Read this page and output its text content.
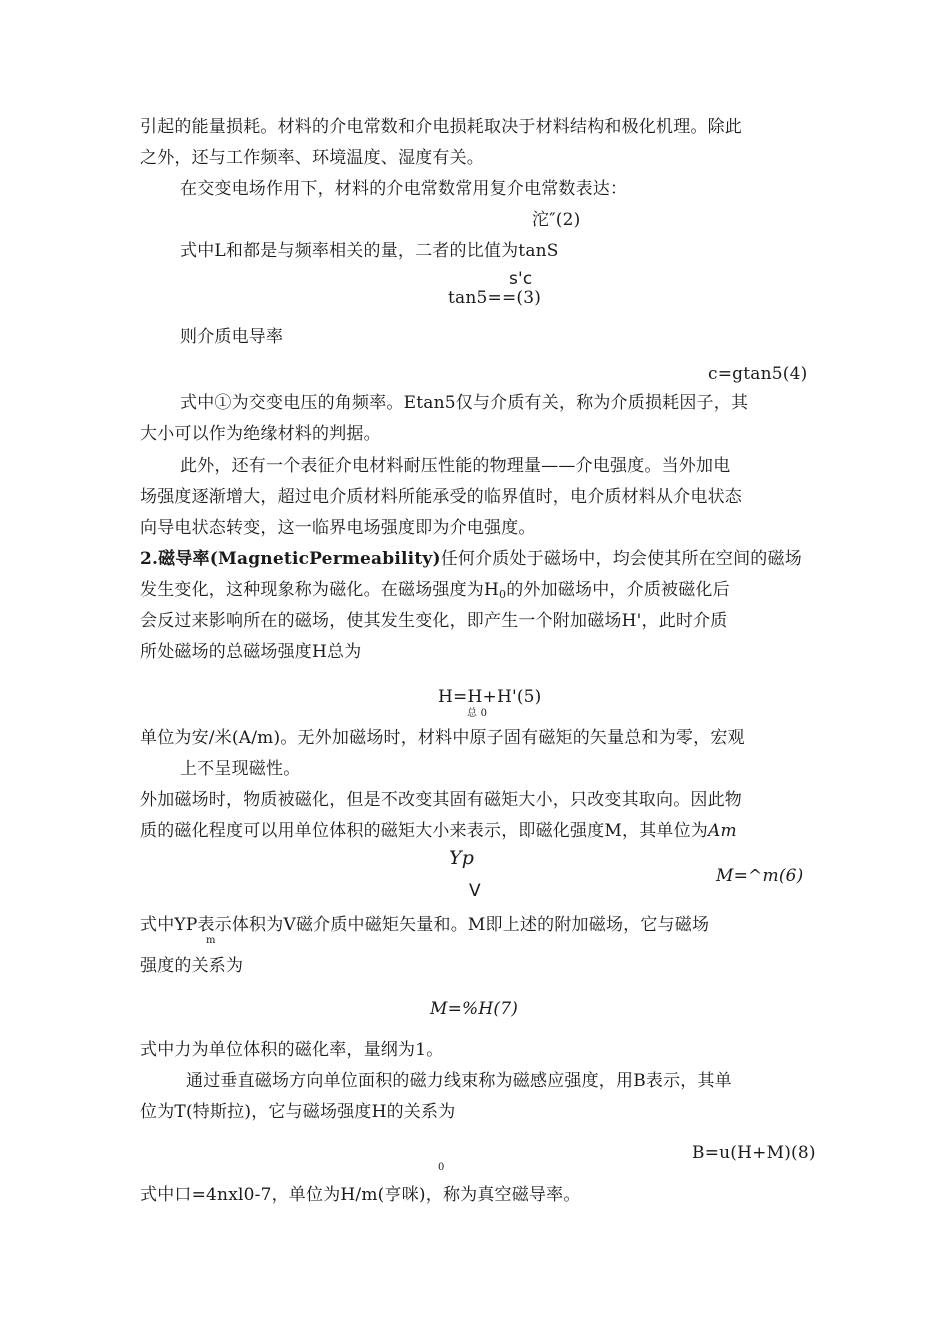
引起的能量损耗。材料的介电常数和介电损耗取决于材料结构和极化机理。除此
之外，还与工作频率、环境温度、湿度有关。
在交变电场作用下，材料的介电常数常用复介电常数表达：
沱″(2)
式中L和都是与频率相关的量，二者的比值为tanS
s'c
tan5==(3)
则介质电导率
c=gtan5(4)
式中①为交变电压的角频率。Etan5仅与介质有关，称为介质损耗因子，其
大小可以作为绝缘材料的判据。
此外，还有一个表征介电材料耐压性能的物理量——介电强度。当外加电
场强度逐渐增大，超过电介质材料所能承受的临界值时，电介质材料从介电状态
向导电状态转变，这一临界电场强度即为介电强度。
2.磁导率(MagneticPermeability)任何介质处于磁场中，均会使其所在空间的磁场
发生变化，这种现象称为磁化。在磁场强度为$H_0$的外加磁场中，介质被磁化后
会反过来影响所在的磁场，使其发生变化，即产生一个附加磁场H'，此时介质
所处磁场的总磁场强度H总为
H=H+H'(5)
总 0
单位为安/米(A/m)。无外加磁场时，材料中原子固有磁矩的矢量总和为零，宏观
上不呈现磁性。
外加磁场时，物质被磁化，但是不改变其固有磁矩大小，只改变其取向。因此物
质的磁化程度可以用单位体积的磁矩大小来表示，即磁化强度M，其单位为Am
Yp
M=^m(6)
V
式中YP表示体积为V磁介质中磁矩矢量和。M即上述的附加磁场，它与磁场
m
强度的关系为
M=%H(7)
式中力为单位体积的磁化率，量纲为1。
通过垂直磁场方向单位面积的磁力线束称为磁感应强度，用B表示，其单
位为T(特斯拉)，它与磁场强度H的关系为
B=u(H+M)(8)
0
式中口=4nxl0-7，单位为H/m(亨咪)，称为真空磁导率。
